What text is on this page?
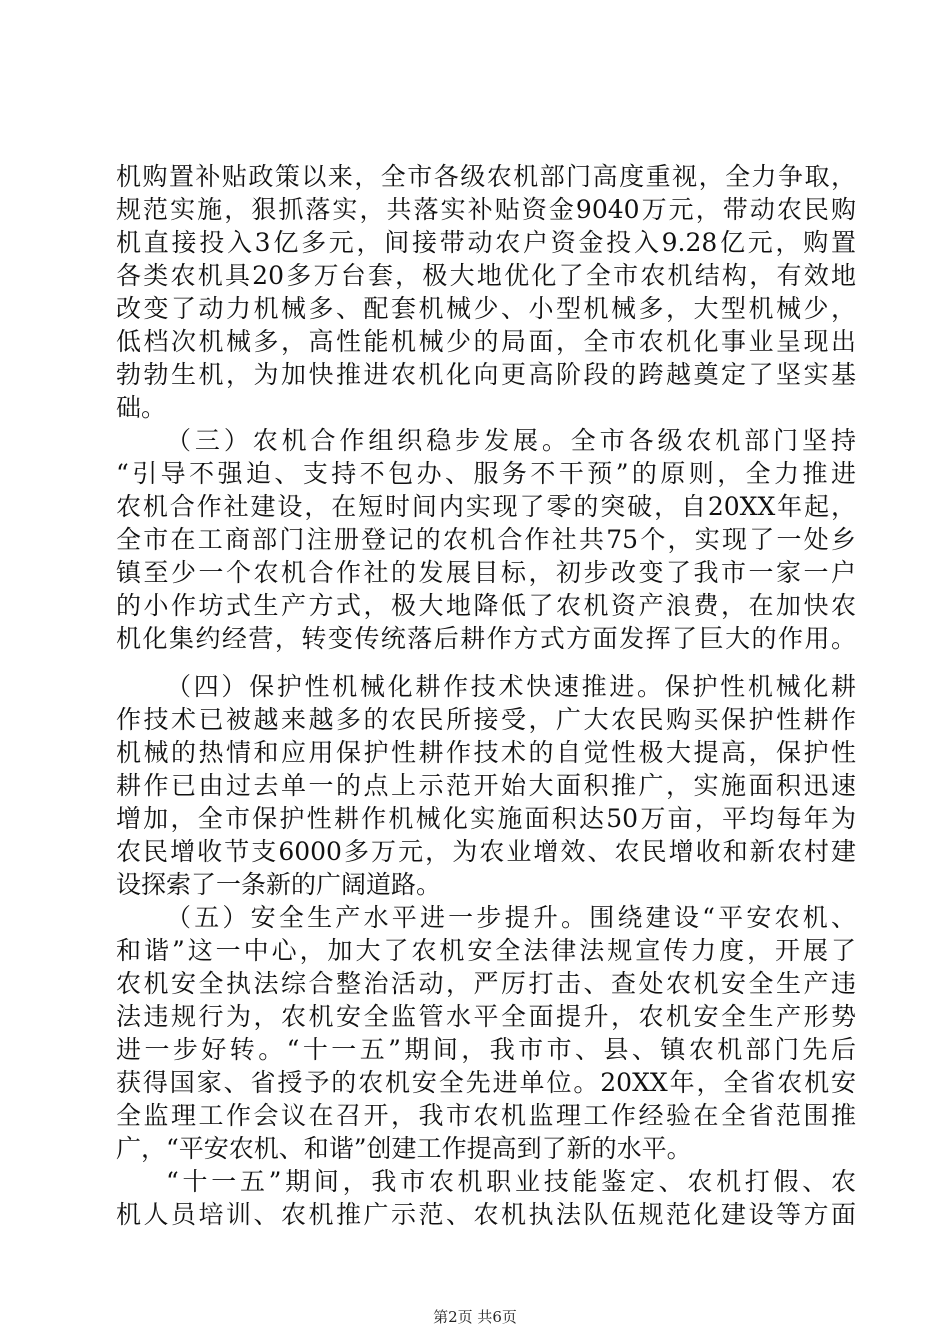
机购置补贴政策以来，全市各级农机部门高度重视，全力争取，
规范实施，狠抓落实，共落实补贴资金9040万元，带动农民购
机直接投入3亿多元，间接带动农户资金投入9.28亿元，购置
各类农机具20多万台套，极大地优化了全市农机结构，有效地
改变了动力机械多、配套机械少、小型机械多，大型机械少，
低档次机械多，高性能机械少的局面，全市农机化事业呈现出
勃勃生机，为加快推进农机化向更高阶段的跨越奠定了坚实基
础。
（三）农机合作组织稳步发展。全市各级农机部门坚持
“引导不强迫、支持不包办、服务不干预”的原则，全力推进
农机合作社建设，在短时间内实现了零的突破，自20XX年起，
全市在工商部门注册登记的农机合作社共75个，实现了一处乡
镇至少一个农机合作社的发展目标，初步改变了我市一家一户
的小作坊式生产方式，极大地降低了农机资产浪费，在加快农
机化集约经营，转变传统落后耕作方式方面发挥了巨大的作用。
（四）保护性机械化耕作技术快速推进。保护性机械化耕
作技术已被越来越多的农民所接受，广大农民购买保护性耕作
机械的热情和应用保护性耕作技术的自觉性极大提高，保护性
耕作已由过去单一的点上示范开始大面积推广，实施面积迅速
增加，全市保护性耕作机械化实施面积达50万亩，平均每年为
农民增收节支6000多万元，为农业增效、农民增收和新农村建
设探索了一条新的广阔道路。
（五）安全生产水平进一步提升。围绕建设“平安农机、
和谐”这一中心，加大了农机安全法律法规宣传力度，开展了
农机安全执法综合整治活动，严厉打击、查处农机安全生产违
法违规行为，农机安全监管水平全面提升，农机安全生产形势
进一步好转。“十一五”期间，我市市、县、镇农机部门先后
获得国家、省授予的农机安全先进单位。20XX年，全省农机安
全监理工作会议在召开，我市农机监理工作经验在全省范围推
广，“平安农机、和谐”创建工作提高到了新的水平。
“十一五”期间，我市农机职业技能鉴定、农机打假、农
机人员培训、农机推广示范、农机执法队伍规范化建设等方面
第2页 共6页
